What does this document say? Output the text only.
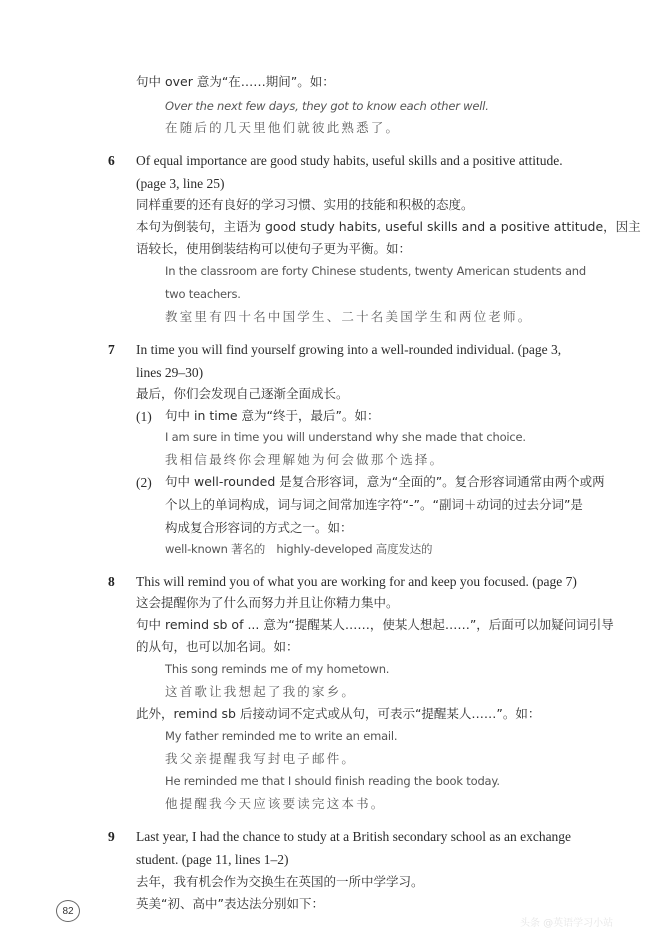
句中 over 意为“在……期间”。如：
Over the next few days, they got to know each other well.
在随后的几天里他们就彼此熟悉了。
6 Of equal importance are good study habits, useful skills and a positive attitude.
(page 3, line 25)
同样重要的还有良好的学习习惯、实用的技能和积极的态度。
本句为倒装句，主语为 good study habits, useful skills and a positive attitude，因主
语较长，使用倒装结构可以使句子更为平衡。如：
In the classroom are forty Chinese students, twenty American students and
two teachers.
教室里有四十名中国学生、二十名美国学生和两位老师。
7 In time you will find yourself growing into a well-rounded individual. (page 3,
lines 29–30)
最后，你们会发现自己逐渐全面成长。
(1) 句中 in time 意为“终于，最后”。如：
I am sure in time you will understand why she made that choice.
我相信最终你会理解她为何会做那个选择。
(2) 句中 well-rounded 是复合形容词，意为“全面的”。复合形容词通常由两个或两
个以上的单词构成，词与词之间常加连字符“-”。“副词＋动词的过去分词”是
构成复合形容词的方式之一。如：
well-known 著名的　highly-developed 高度发达的
8 This will remind you of what you are working for and keep you focused. (page 7)
这会提醒你为了什么而努力并且让你精力集中。
句中 remind sb of ... 意为“提醒某人……，使某人想起……”，后面可以加疑问词引导
的从句，也可以加名词。如：
This song reminds me of my hometown.
这首歌让我想起了我的家乡。
此外，remind sb 后接动词不定式或从句，可表示“提醒某人……”。如：
My father reminded me to write an email.
我父亲提醒我写封电子邮件。
He reminded me that I should finish reading the book today.
他提醒我今天应该要读完这本书。
9 Last year, I had the chance to study at a British secondary school as an exchange
student. (page 11, lines 1–2)
去年，我有机会作为交换生在英国的一所中学学习。
英美“初、高中”表达法分别如下：
82
头条 @英语学习小站
